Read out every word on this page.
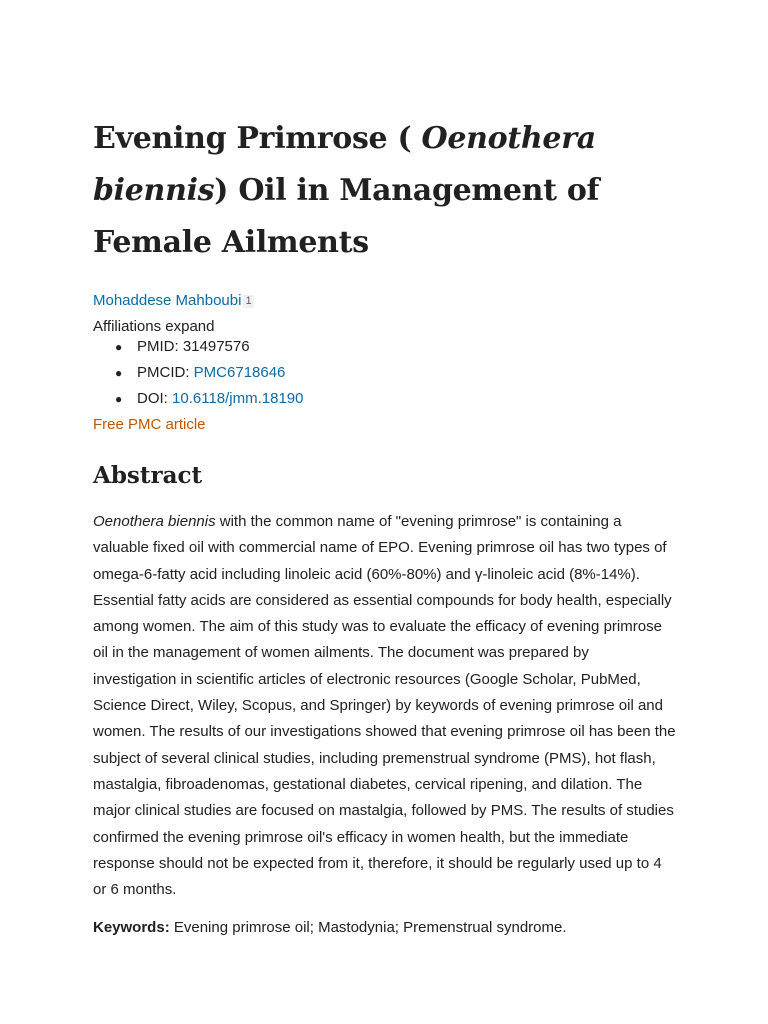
Evening Primrose ( Oenothera biennis) Oil in Management of Female Ailments
Mohaddese Mahboubi 1
Affiliations expand
● PMID: 31497576
● PMCID: PMC6718646
● DOI: 10.6118/jmm.18190
Free PMC article
Abstract

Oenothera biennis with the common name of "evening primrose" is containing a valuable fixed oil with commercial name of EPO. Evening primrose oil has two types of omega-6-fatty acid including linoleic acid (60%-80%) and γ-linoleic acid (8%-14%). Essential fatty acids are considered as essential compounds for body health, especially among women. The aim of this study was to evaluate the efficacy of evening primrose oil in the management of women ailments. The document was prepared by investigation in scientific articles of electronic resources (Google Scholar, PubMed, Science Direct, Wiley, Scopus, and Springer) by keywords of evening primrose oil and women. The results of our investigations showed that evening primrose oil has been the subject of several clinical studies, including premenstrual syndrome (PMS), hot flash, mastalgia, fibroadenomas, gestational diabetes, cervical ripening, and dilation. The major clinical studies are focused on mastalgia, followed by PMS. The results of studies confirmed the evening primrose oil's efficacy in women health, but the immediate response should not be expected from it, therefore, it should be regularly used up to 4 or 6 months.

Keywords: Evening primrose oil; Mastodynia; Premenstrual syndrome.
